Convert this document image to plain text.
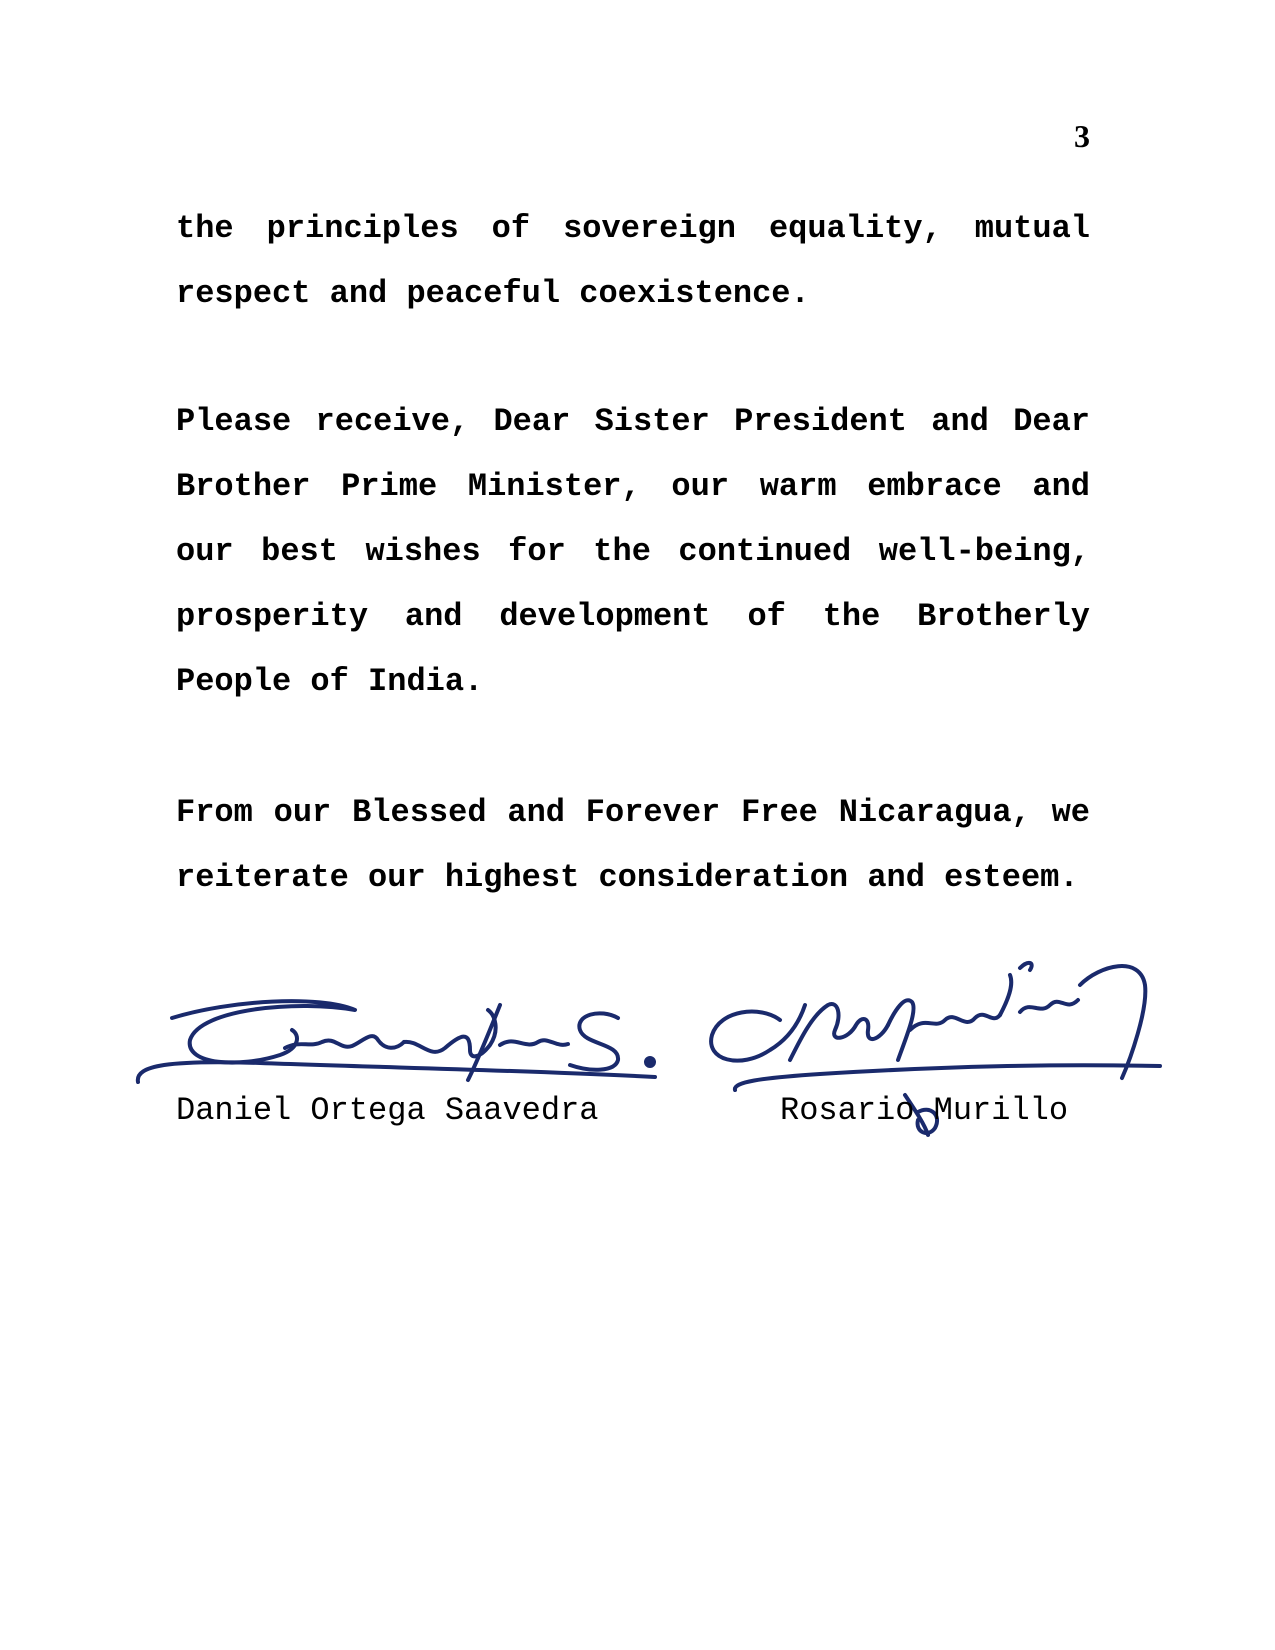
3

the principles of sovereign equality, mutual respect and peaceful coexistence.

Please receive, Dear Sister President and Dear Brother Prime Minister, our warm embrace and our best wishes for the continued well-being, prosperity and development of the Brotherly People of India.

From our Blessed and Forever Free Nicaragua, we reiterate our highest consideration and esteem.

Daniel Ortega Saavedra	Rosario Murillo
